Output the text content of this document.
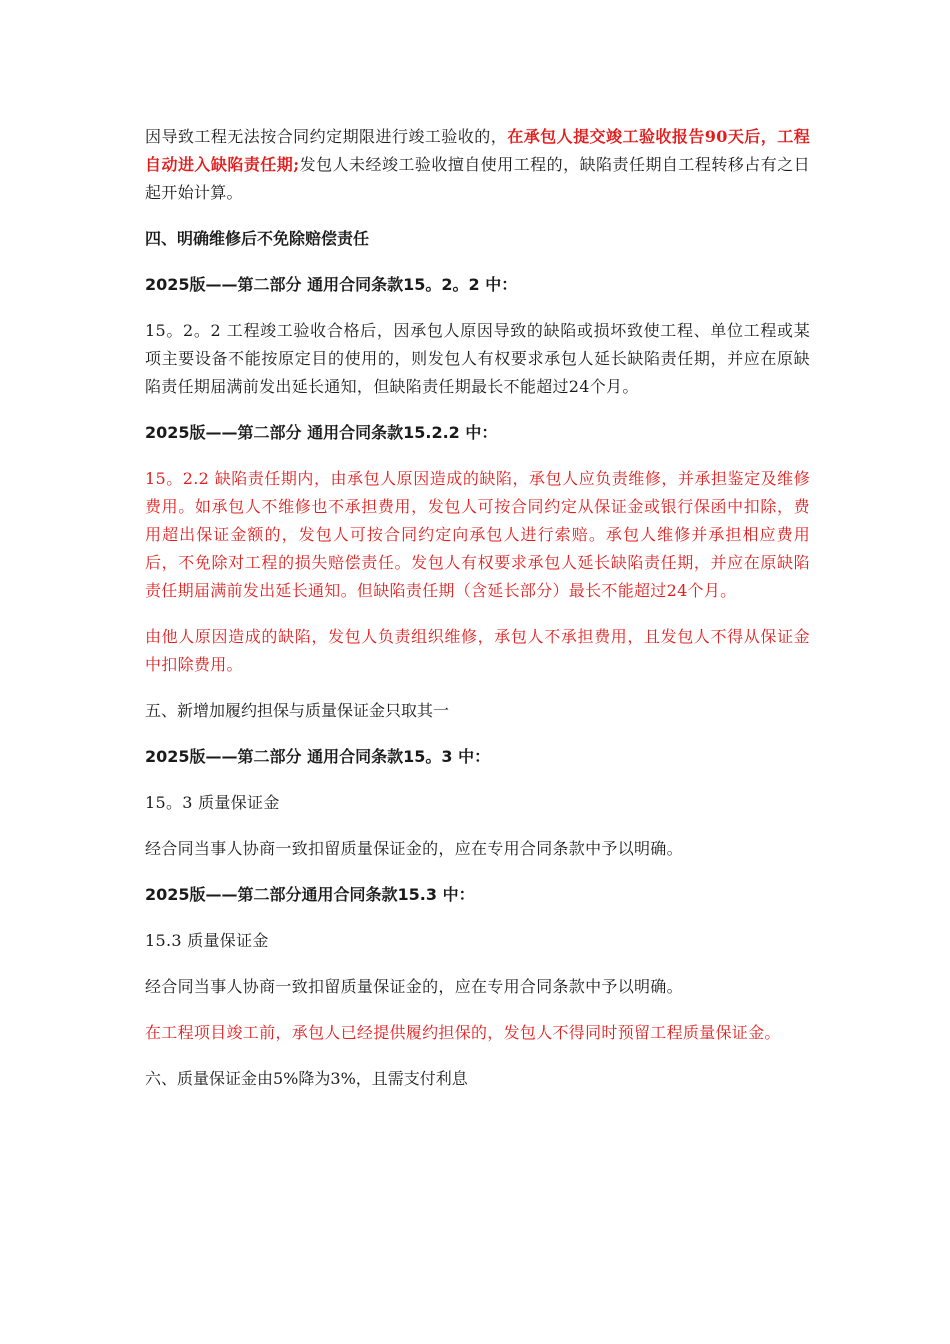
因导致工程无法按合同约定期限进行竣工验收的，在承包人提交竣工验收报告90天后，工程自动进入缺陷责任期;发包人未经竣工验收擅自使用工程的，缺陷责任期自工程转移占有之日起开始计算。

四、明确维修后不免除赔偿责任

2025版——第二部分 通用合同条款15。2。2 中：

15。2。2 工程竣工验收合格后，因承包人原因导致的缺陷或损坏致使工程、单位工程或某项主要设备不能按原定目的使用的，则发包人有权要求承包人延长缺陷责任期，并应在原缺陷责任期届满前发出延长通知，但缺陷责任期最长不能超过24个月。

2025版——第二部分 通用合同条款15.2.2 中：

15。2.2 缺陷责任期内，由承包人原因造成的缺陷，承包人应负责维修，并承担鉴定及维修费用。如承包人不维修也不承担费用，发包人可按合同约定从保证金或银行保函中扣除，费用超出保证金额的，发包人可按合同约定向承包人进行索赔。承包人维修并承担相应费用后，不免除对工程的损失赔偿责任。发包人有权要求承包人延长缺陷责任期，并应在原缺陷责任期届满前发出延长通知。但缺陷责任期（含延长部分）最长不能超过24个月。

由他人原因造成的缺陷，发包人负责组织维修，承包人不承担费用，且发包人不得从保证金中扣除费用。

五、新增加履约担保与质量保证金只取其一

2025版——第二部分 通用合同条款15。3 中：

15。3 质量保证金

经合同当事人协商一致扣留质量保证金的，应在专用合同条款中予以明确。

2025版——第二部分通用合同条款15.3 中：

15.3 质量保证金

经合同当事人协商一致扣留质量保证金的，应在专用合同条款中予以明确。

在工程项目竣工前，承包人已经提供履约担保的，发包人不得同时预留工程质量保证金。

六、质量保证金由5%降为3%，且需支付利息
